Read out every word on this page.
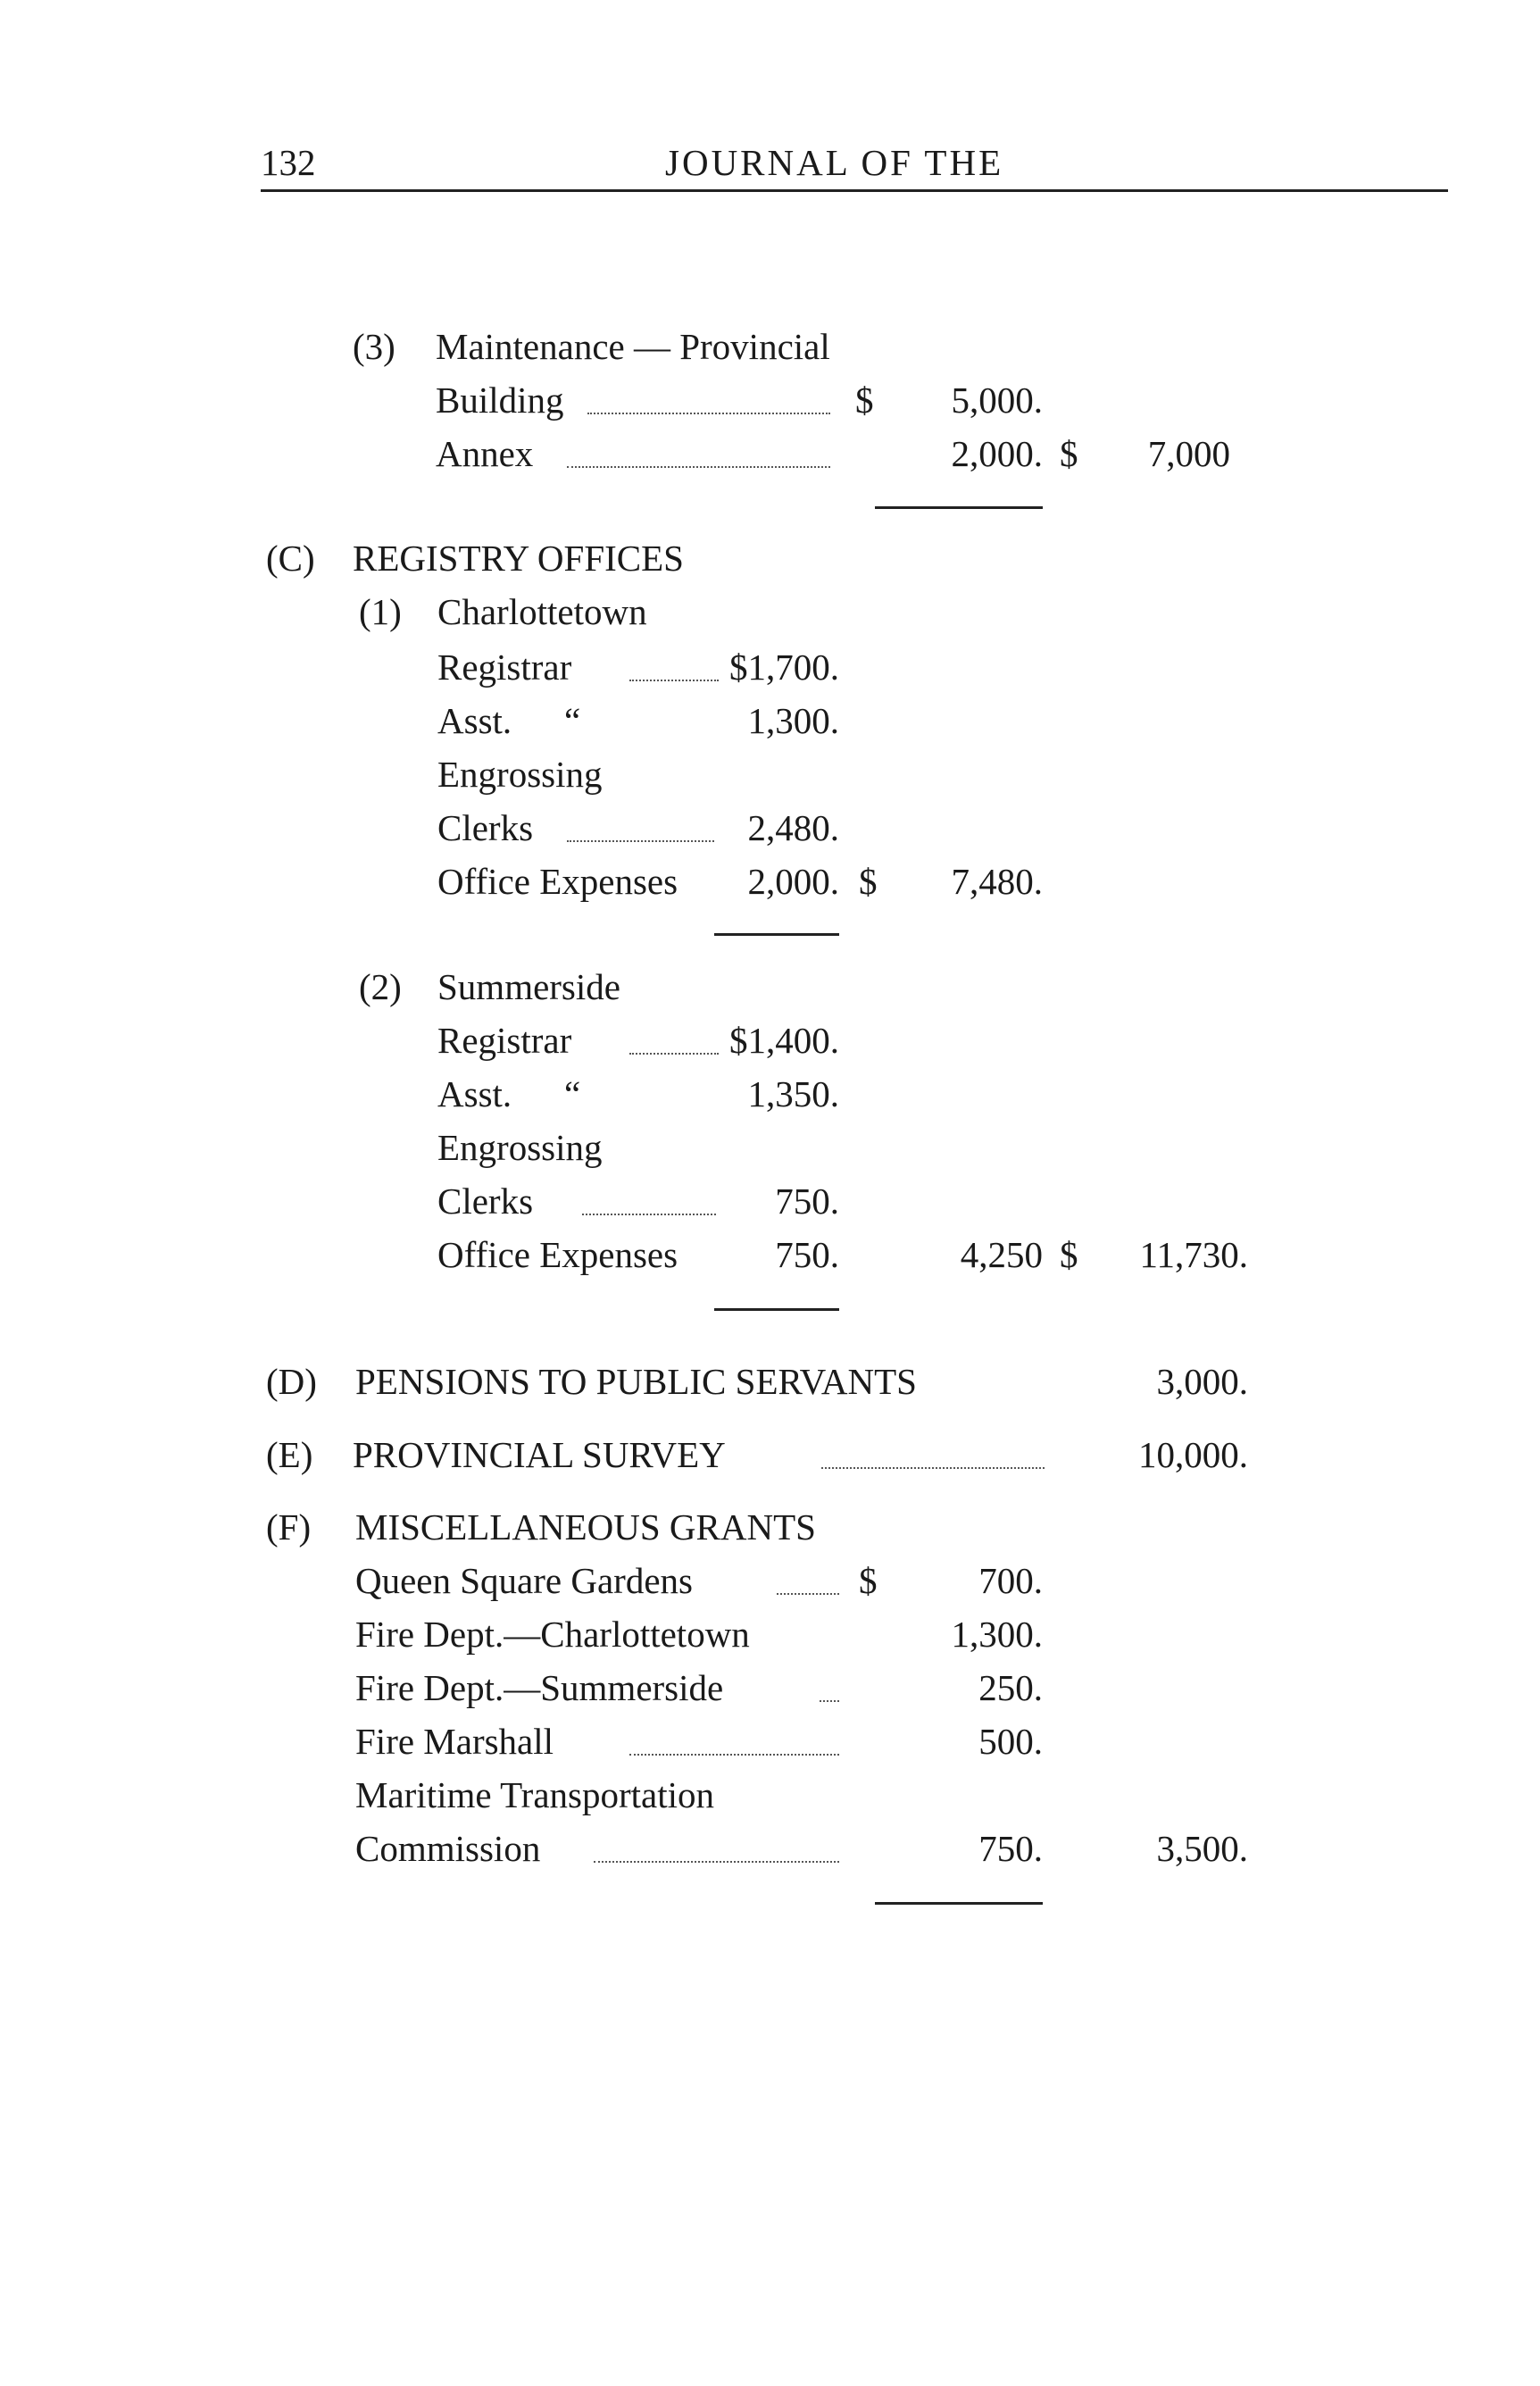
132	JOURNAL OF THE
(3) Maintenance — Provincial
Building	$	5,000.
Annex	2,000. $	7,000
(C) REGISTRY OFFICES
(1) Charlottetown
Registrar	$1,700.
Asst. “	1,300.
Engrossing
Clerks	2,480.
Office Expenses	2,000. $	7,480.
(2) Summerside
Registrar	$1,400.
Asst. “	1,350.
Engrossing
Clerks	750.
Office Expenses	750.	4,250 $	11,730.
(D) PENSIONS TO PUBLIC SERVANTS	3,000.
(E) PROVINCIAL SURVEY	10,000.
(F) MISCELLANEOUS GRANTS
Queen Square Gardens	$	700.
Fire Dept.—Charlottetown	1,300.
Fire Dept.—Summerside	250.
Fire Marshall	500.
Maritime Transportation
Commission	750.	3,500.
